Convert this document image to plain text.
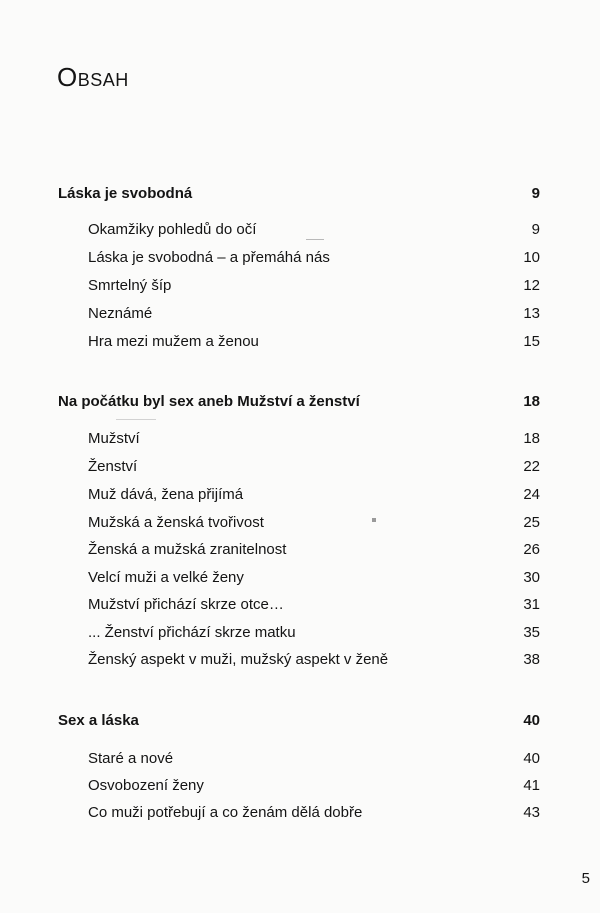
Obsah
Láska je svobodná	9
Okamžiky pohledů do očí	9
Láska je svobodná – a přemáhá nás	10
Smrtelný šíp	12
Neznámé	13
Hra mezi mužem a ženou	15
Na počátku byl sex aneb Mužství a ženství	18
Mužství	18
Ženství	22
Muž dává, žena přijímá	24
Mužská a ženská tvořivost	25
Ženská a mužská zranitelnost	26
Velcí muži a velké ženy	30
Mužství přichází skrze otce…	31
... Ženství přichází skrze matku	35
Ženský aspekt v muži, mužský aspekt v ženě	38
Sex a láska	40
Staré a nové	40
Osvobození ženy	41
Co muži potřebují a co ženám dělá dobře	43
5
